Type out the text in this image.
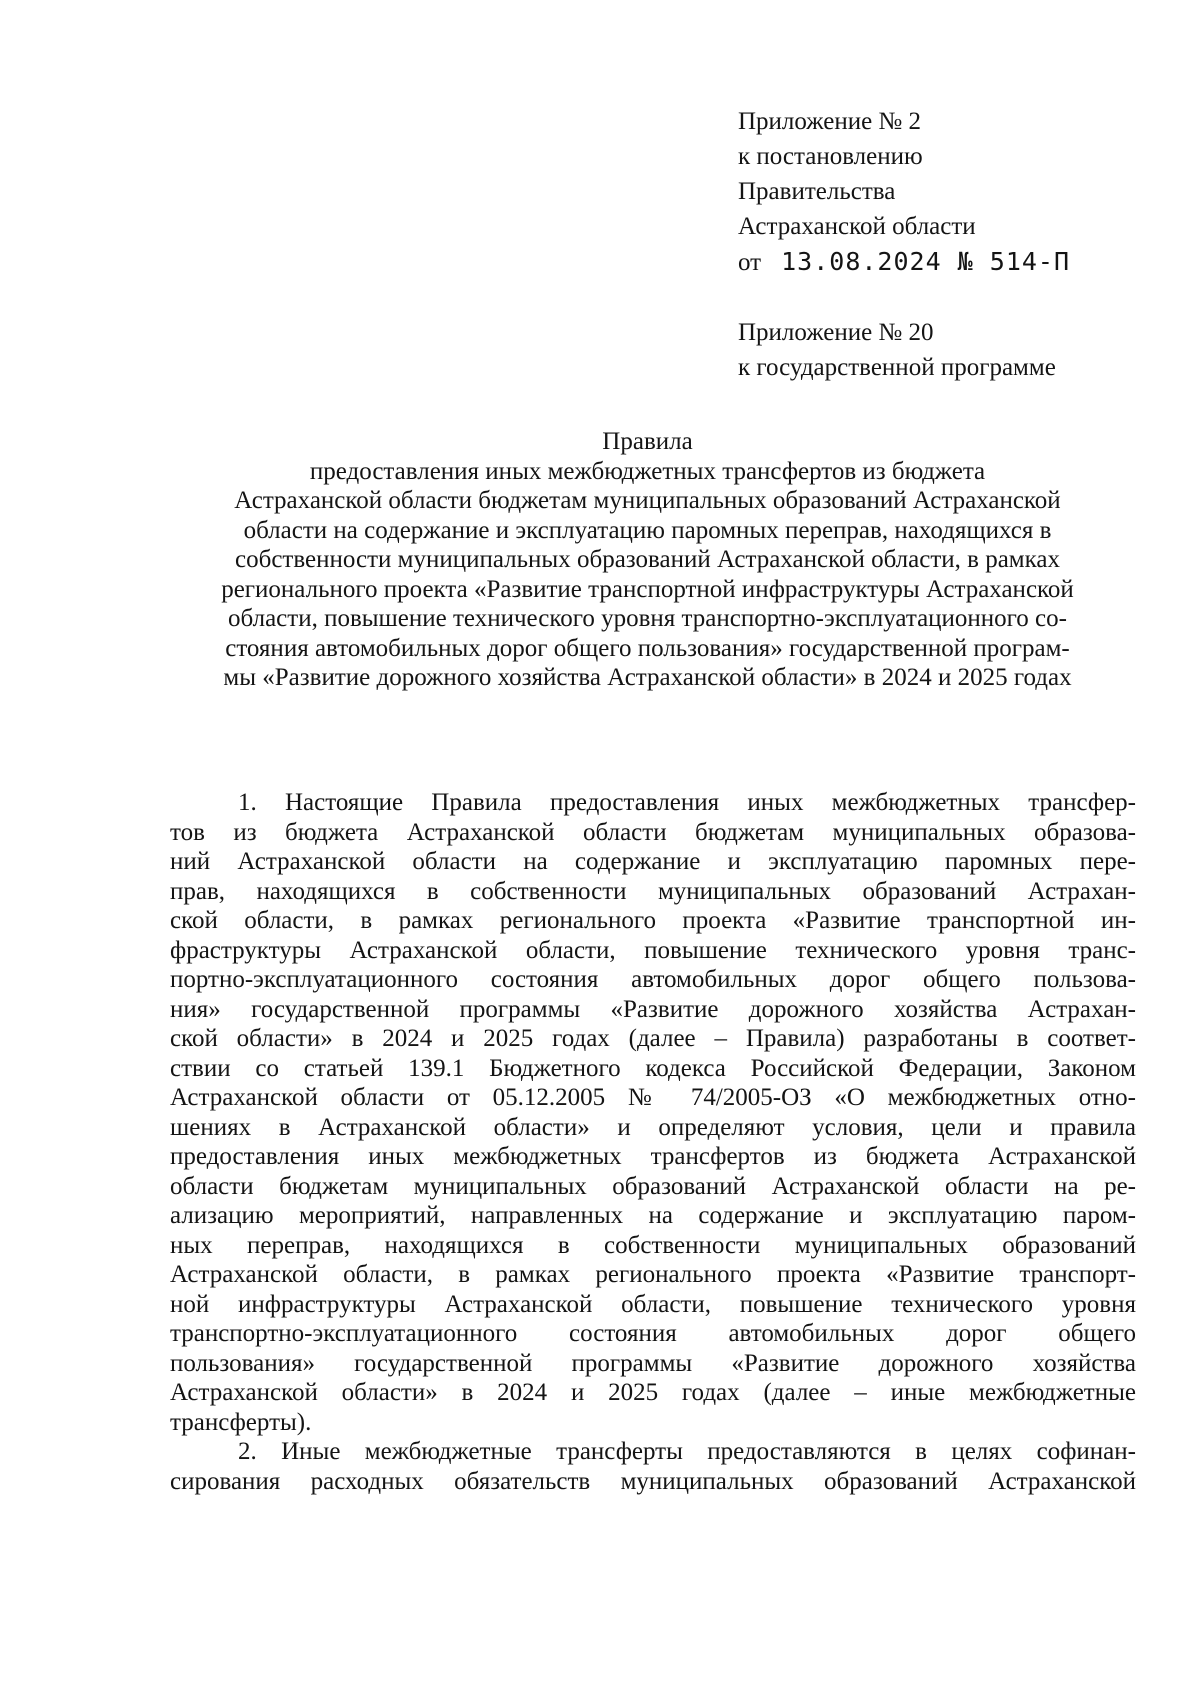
Приложение № 2
к постановлению
Правительства
Астраханской области
от 13.08.2024 № 514-П
Приложение № 20
к государственной программе
Правила
предоставления иных межбюджетных трансфертов из бюджета
Астраханской области бюджетам муниципальных образований Астраханской
области на содержание и эксплуатацию паромных переправ, находящихся в
собственности муниципальных образований Астраханской области, в рамках
регионального проекта «Развитие транспортной инфраструктуры Астраханской
области, повышение технического уровня транспортно-эксплуатационного со-
стояния автомобильных дорог общего пользования» государственной програм-
мы «Развитие дорожного хозяйства Астраханской области» в 2024 и 2025 годах
1. Настоящие Правила предоставления иных межбюджетных трансфер-
тов из бюджета Астраханской области бюджетам муниципальных образова-
ний Астраханской области на содержание и эксплуатацию паромных пере-
прав, находящихся в собственности муниципальных образований Астрахан-
ской области, в рамках регионального проекта «Развитие транспортной ин-
фраструктуры Астраханской области, повышение технического уровня транс-
портно-эксплуатационного состояния автомобильных дорог общего пользова-
ния» государственной программы «Развитие дорожного хозяйства Астрахан-
ской области» в 2024 и 2025 годах (далее – Правила) разработаны в соответ-
ствии со статьей 139.1 Бюджетного кодекса Российской Федерации, Законом
Астраханской области от 05.12.2005 № 74/2005-ОЗ «О межбюджетных отно-
шениях в Астраханской области» и определяют условия, цели и правила
предоставления иных межбюджетных трансфертов из бюджета Астраханской
области бюджетам муниципальных образований Астраханской области на ре-
ализацию мероприятий, направленных на содержание и эксплуатацию паром-
ных переправ, находящихся в собственности муниципальных образований
Астраханской области, в рамках регионального проекта «Развитие транспорт-
ной инфраструктуры Астраханской области, повышение технического уровня
транспортно-эксплуатационного состояния автомобильных дорог общего
пользования» государственной программы «Развитие дорожного хозяйства
Астраханской области» в 2024 и 2025 годах (далее – иные межбюджетные
трансферты).
2. Иные межбюджетные трансферты предоставляются в целях софинан-
сирования расходных обязательств муниципальных образований Астраханской
